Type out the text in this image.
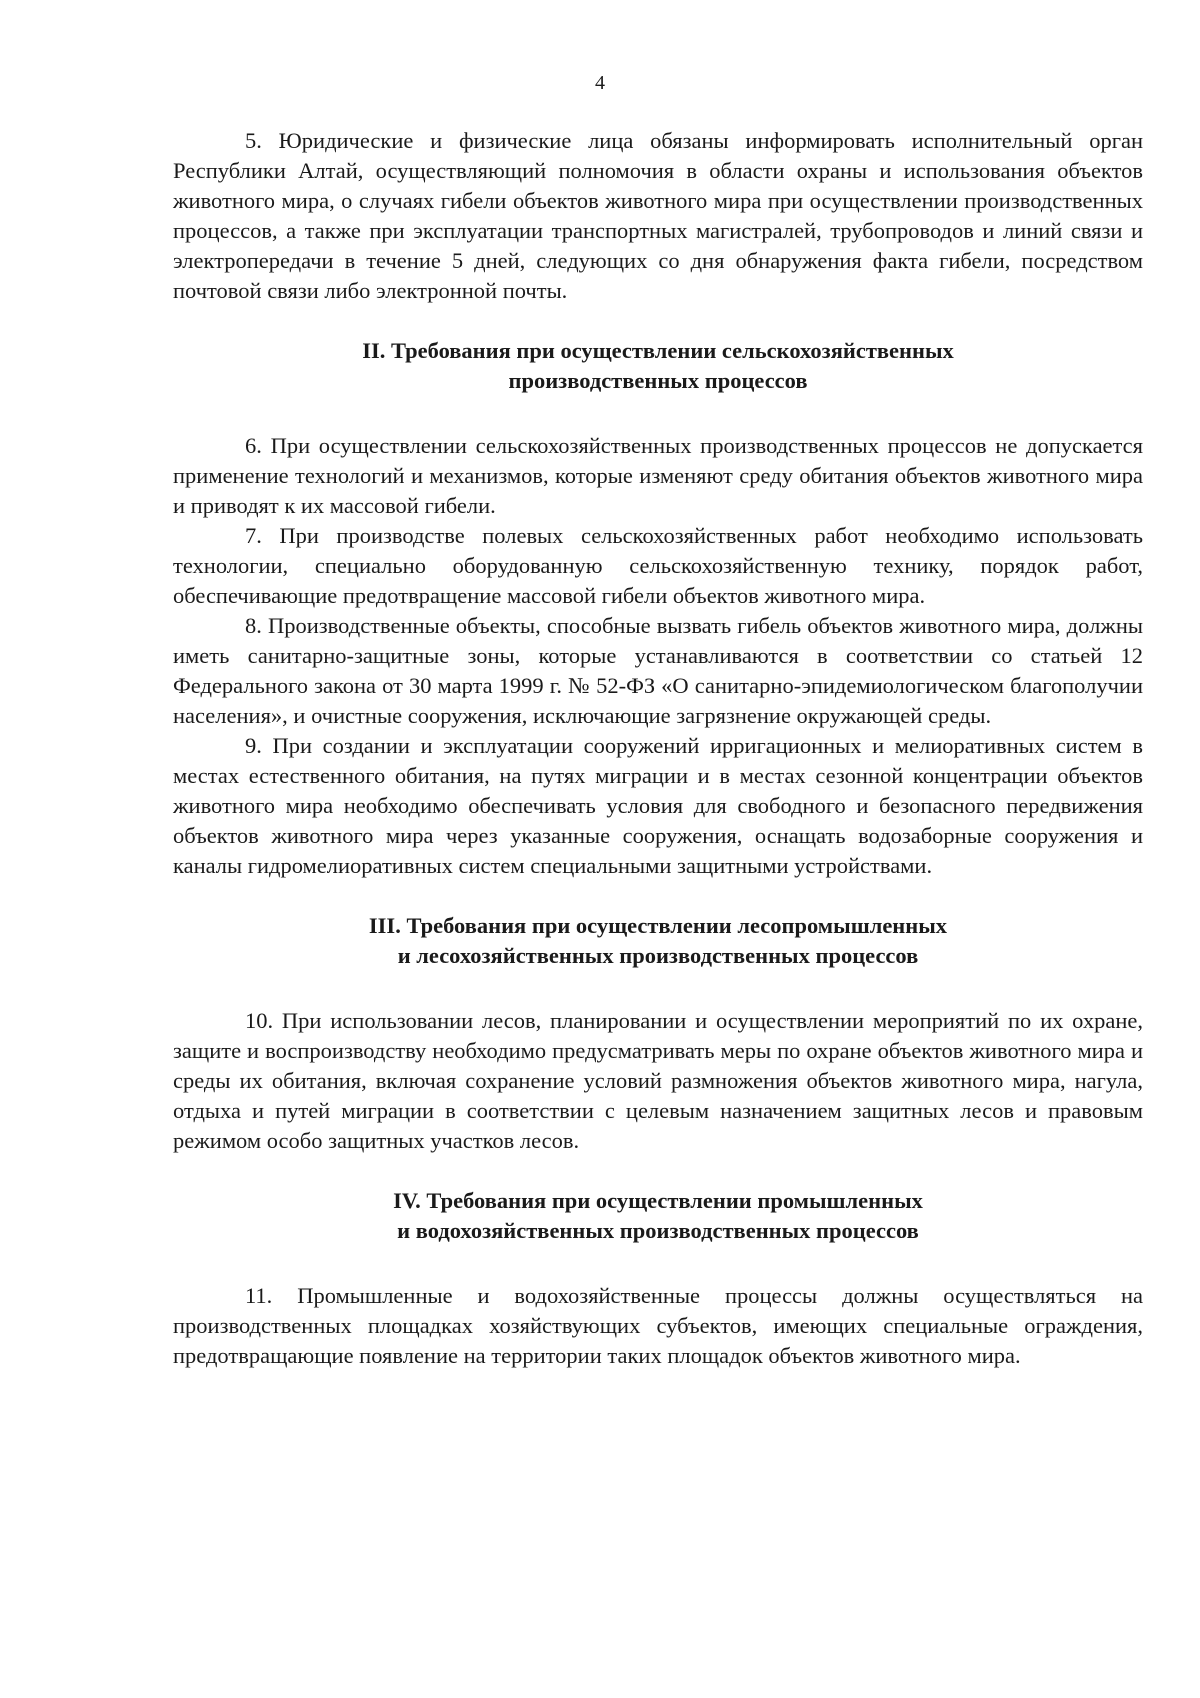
4

5. Юридические и физические лица обязаны информировать исполнительный орган Республики Алтай, осуществляющий полномочия в области охраны и использования объектов животного мира, о случаях гибели объектов животного мира при осуществлении производственных процессов, а также при эксплуатации транспортных магистралей, трубопроводов и линий связи и электропередачи в течение 5 дней, следующих со дня обнаружения факта гибели, посредством почтовой связи либо электронной почты.

II. Требования при осуществлении сельскохозяйственных
производственных процессов

6. При осуществлении сельскохозяйственных производственных процессов не допускается применение технологий и механизмов, которые изменяют среду обитания объектов животного мира и приводят к их массовой гибели.

7. При производстве полевых сельскохозяйственных работ необходимо использовать технологии, специально оборудованную сельскохозяйственную технику, порядок работ, обеспечивающие предотвращение массовой гибели объектов животного мира.

8. Производственные объекты, способные вызвать гибель объектов животного мира, должны иметь санитарно-защитные зоны, которые устанавливаются в соответствии со статьей 12 Федерального закона от 30 марта 1999 г. № 52-ФЗ «О санитарно-эпидемиологическом благополучии населения», и очистные сооружения, исключающие загрязнение окружающей среды.

9. При создании и эксплуатации сооружений ирригационных и мелиоративных систем в местах естественного обитания, на путях миграции и в местах сезонной концентрации объектов животного мира необходимо обеспечивать условия для свободного и безопасного передвижения объектов животного мира через указанные сооружения, оснащать водозаборные сооружения и каналы гидромелиоративных систем специальными защитными устройствами.

III. Требования при осуществлении лесопромышленных
и лесохозяйственных производственных процессов

10. При использовании лесов, планировании и осуществлении мероприятий по их охране, защите и воспроизводству необходимо предусматривать меры по охране объектов животного мира и среды их обитания, включая сохранение условий размножения объектов животного мира, нагула, отдыха и путей миграции в соответствии с целевым назначением защитных лесов и правовым режимом особо защитных участков лесов.

IV. Требования при осуществлении промышленных
и водохозяйственных производственных процессов

11. Промышленные и водохозяйственные процессы должны осуществляться на производственных площадках хозяйствующих субъектов, имеющих специальные ограждения, предотвращающие появление на территории таких площадок объектов животного мира.
